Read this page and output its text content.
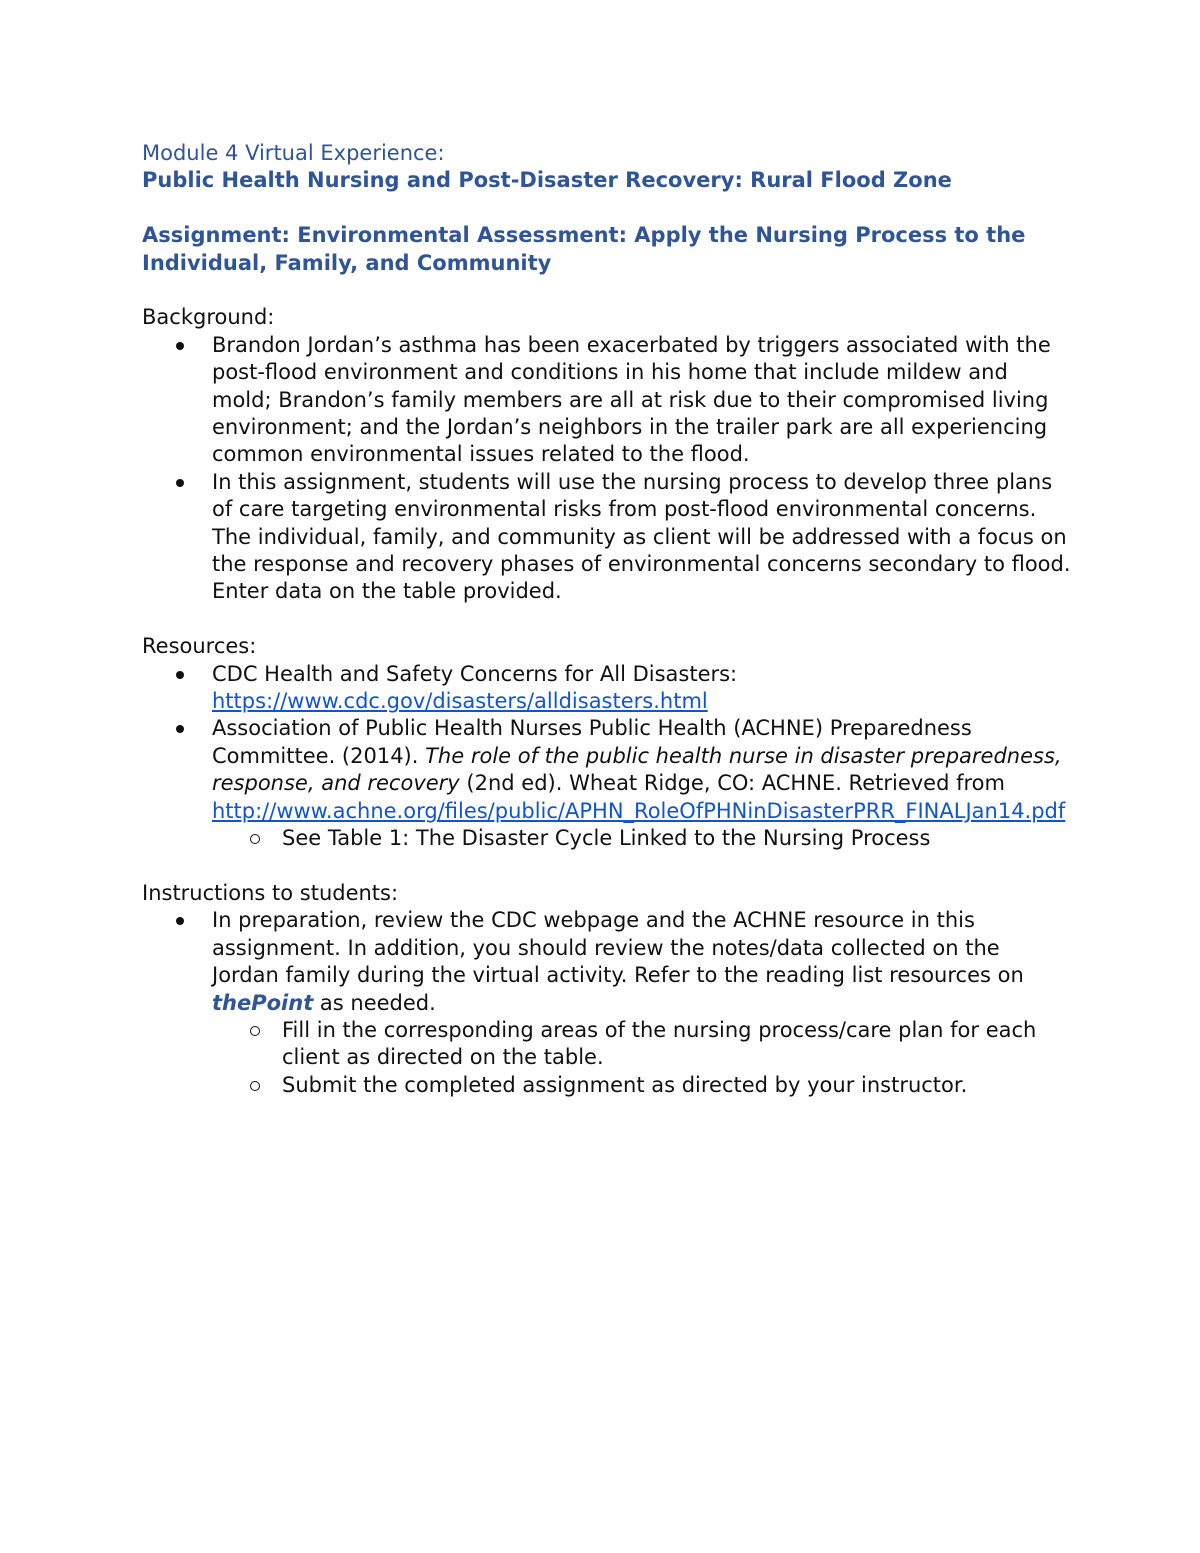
Module 4 Virtual Experience:

Public Health Nursing and Post-Disaster Recovery: Rural Flood Zone

Assignment: Environmental Assessment: Apply the Nursing Process to the Individual, Family, and Community

Background:

Brandon Jordan’s asthma has been exacerbated by triggers associated with the post-flood environment and conditions in his home that include mildew and mold; Brandon’s family members are all at risk due to their compromised living environment; and the Jordan’s neighbors in the trailer park are all experiencing common environmental issues related to the flood.
In this assignment, students will use the nursing process to develop three plans of care targeting environmental risks from post-flood environmental concerns. The individual, family, and community as client will be addressed with a focus on the response and recovery phases of environmental concerns secondary to flood. Enter data on the table provided.

Resources:

CDC Health and Safety Concerns for All Disasters:
https://www.cdc.gov/disasters/alldisasters.html
Association of Public Health Nurses Public Health (ACHNE) Preparedness Committee. (2014). The role of the public health nurse in disaster preparedness, response, and recovery (2nd ed). Wheat Ridge, CO: ACHNE. Retrieved from
http://www.achne.org/files/public/APHN_RoleOfPHNinDisasterPRR_FINALJan14.pdf
See Table 1: The Disaster Cycle Linked to the Nursing Process

Instructions to students:

In preparation, review the CDC webpage and the ACHNE resource in this assignment. In addition, you should review the notes/data collected on the Jordan family during the virtual activity. Refer to the reading list resources on thePoint as needed.
Fill in the corresponding areas of the nursing process/care plan for each client as directed on the table.
Submit the completed assignment as directed by your instructor.
